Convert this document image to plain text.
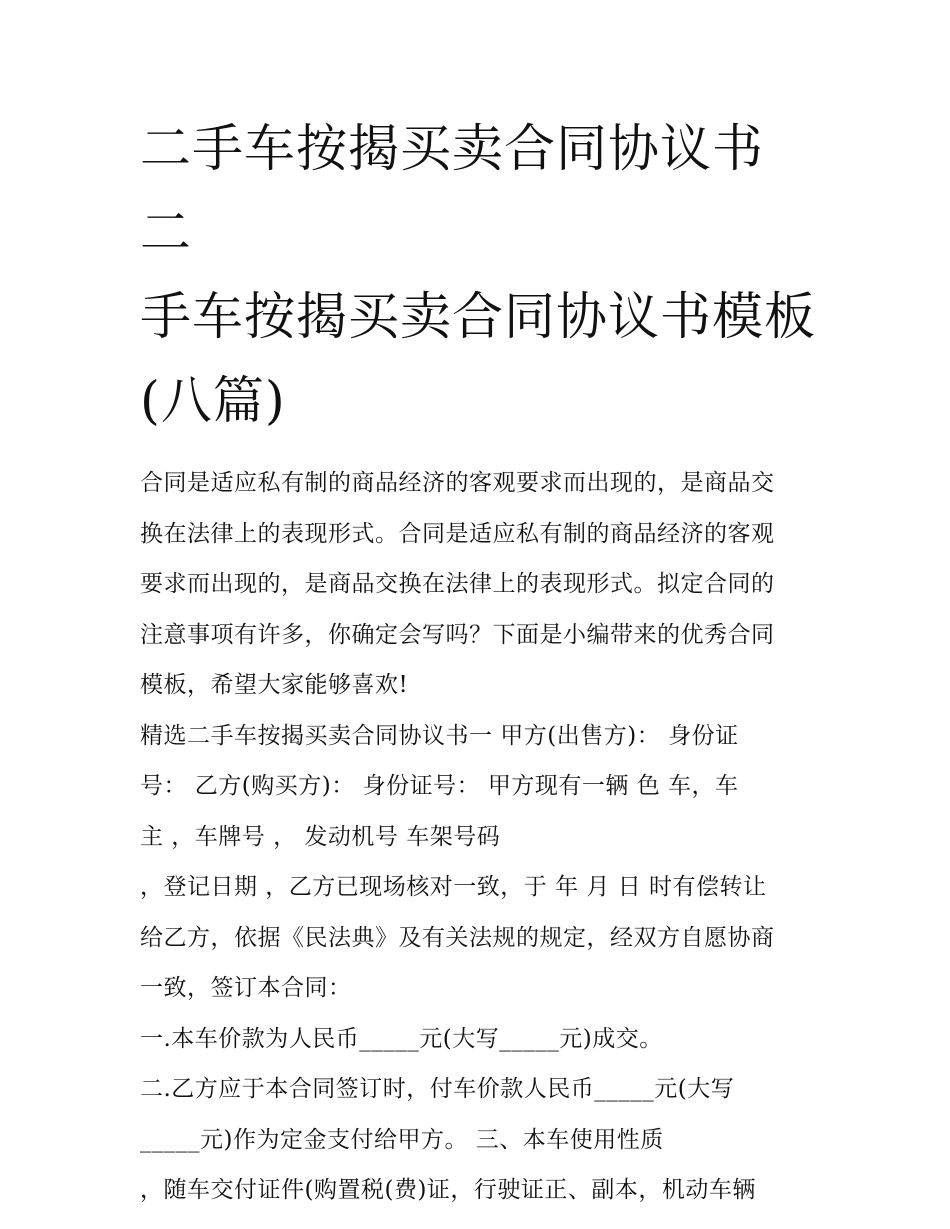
二手车按揭买卖合同协议书 二
手车按揭买卖合同协议书模板
(八篇)
合同是适应私有制的商品经济的客观要求而出现的，是商品交
换在法律上的表现形式。合同是适应私有制的商品经济的客观
要求而出现的，是商品交换在法律上的表现形式。拟定合同的
注意事项有许多，你确定会写吗？下面是小编带来的优秀合同
模板，希望大家能够喜欢!
精选二手车按揭买卖合同协议书一 甲方(出售方)： 身份证
号： 乙方(购买方)： 身份证号： 甲方现有一辆 色 车，车
主 ，车牌号 ， 发动机号 车架号码
，登记日期 ，乙方已现场核对一致，于 年 月 日 时有偿转让
给乙方，依据《民法典》及有关法规的规定，经双方自愿协商
一致，签订本合同：
一.本车价款为人民币_____元(大写_____元)成交。
二.乙方应于本合同签订时，付车价款人民币_____元(大写
_____元)作为定金支付给甲方。 三、本车使用性质
，随车交付证件(购置税(费)证，行驶证正、副本，机动车辆
